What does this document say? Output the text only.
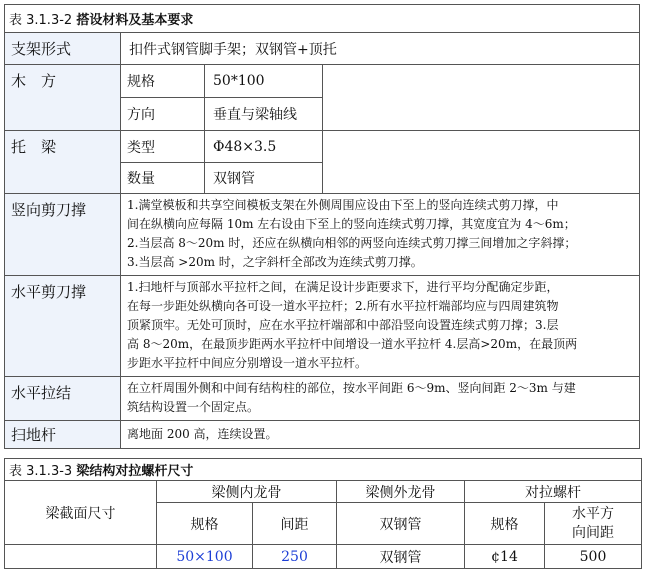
表 3.1.3-2 搭设材料及基本要求			
支架形式	扣件式钢管脚手架；双钢管+顶托		
木　方	规格	50*100	
	方向	垂直与梁轴线	
托　梁	类型	Φ48×3.5	
	数量	双钢管	
竖向剪刀撑	1.满堂模板和共享空间模板支架在外侧周围应设由下至上的竖向连续式剪刀撑，中
间在纵横向应每隔 10m 左右设由下至上的竖向连续式剪刀撑，其宽度宜为 4～6m；
2.当层高 8～20m 时，还应在纵横向相邻的两竖向连续式剪刀撑三间增加之字斜撑；
3.当层高 >20m 时，之字斜杆全部改为连续式剪刀撑。		

水平剪刀撑	1.扫地杆与顶部水平拉杆之间，在满足设计步距要求下，进行平均分配确定步距，
在每一步距处纵横向各可设一道水平拉杆；2.所有水平拉杆端部均应与四周建筑物
顶紧顶牢。无处可顶时，应在水平拉杆端部和中部沿竖向设置连续式剪刀撑；3.层
高 8～20m，在最顶步距两水平拉杆中间增设一道水平拉杆 4.层高>20m，在最顶两
步距水平拉杆中间应分别增设一道水平拉杆。		

水平拉结	在立杆周围外侧和中间有结构柱的部位，按水平间距 6～9m、竖向间距 2～3m 与建
筑结构设置一个固定点。		

扫地杆	离地面 200 高，连续设置。		
表 3.1.3-3 梁结构对拉螺杆尺寸					
梁截面尺寸	梁侧内龙骨		梁侧外龙骨	对拉螺杆	
	规格	间距	双钢管	规格	水平方
向间距

	50×100	250	双钢管	¢14	500
